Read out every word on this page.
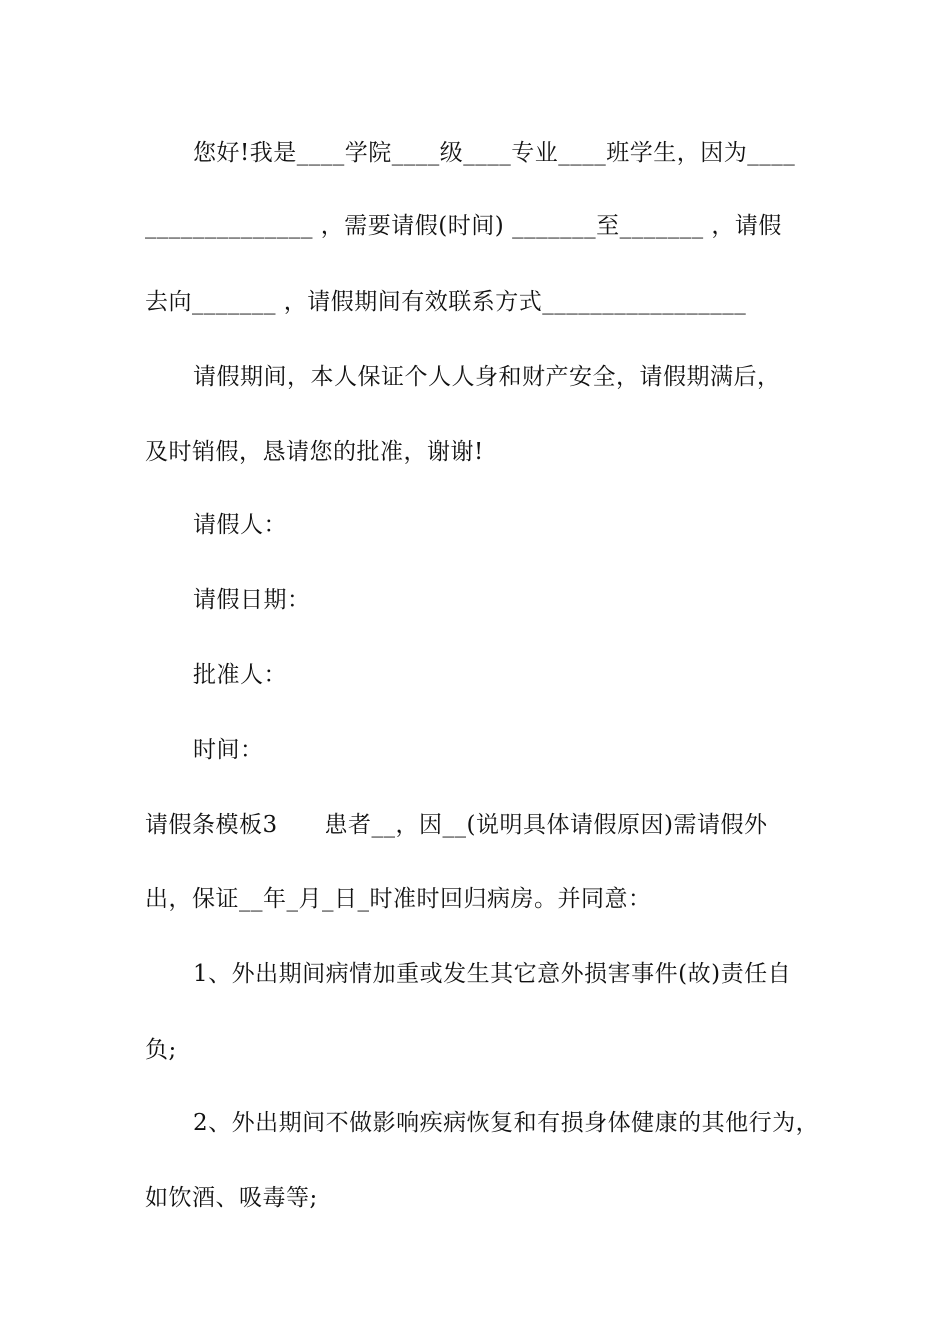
您好!我是____学院____级____专业____班学生，因为____
______________ ，需要请假(时间) _______至_______ ，请假
去向_______ ，请假期间有效联系方式_________________
请假期间，本人保证个人人身和财产安全，请假期满后，
及时销假，恳请您的批准，谢谢!
请假人：
请假日期：
批准人：
时间：
请假条模板3      患者__，因__(说明具体请假原因)需请假外
出，保证__年_月_日_时准时回归病房。并同意：
1、外出期间病情加重或发生其它意外损害事件(故)责任自
负;
2、外出期间不做影响疾病恢复和有损身体健康的其他行为，
如饮酒、吸毒等;
